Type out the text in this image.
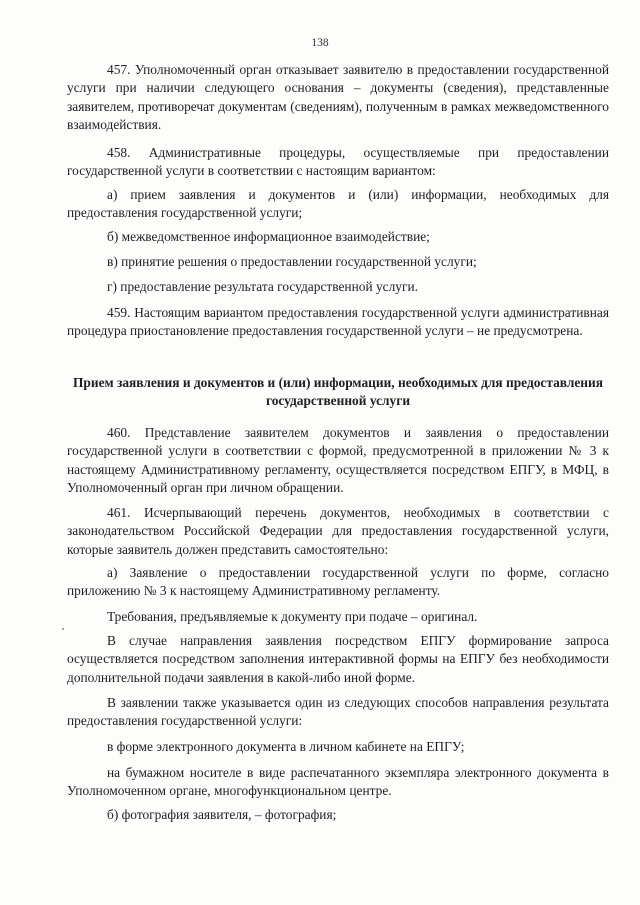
138

457. Уполномоченный орган отказывает заявителю в предоставлении государственной услуги при наличии следующего основания – документы (сведения), представленные заявителем, противоречат документам (сведениям), полученным в рамках межведомственного взаимодействия.

458. Административные процедуры, осуществляемые при предоставлении государственной услуги в соответствии с настоящим вариантом:

а) прием заявления и документов и (или) информации, необходимых для предоставления государственной услуги;

б) межведомственное информационное взаимодействие;

в) принятие решения о предоставлении государственной услуги;

г) предоставление результата государственной услуги.

459. Настоящим вариантом предоставления государственной услуги административная процедура приостановление предоставления государственной услуги – не предусмотрена.

Прием заявления и документов и (или) информации, необходимых для предоставления государственной услуги

460. Представление заявителем документов и заявления о предоставлении государственной услуги в соответствии с формой, предусмотренной в приложении № 3 к настоящему Административному регламенту, осуществляется посредством ЕПГУ, в МФЦ, в Уполномоченный орган при личном обращении.

461. Исчерпывающий перечень документов, необходимых в соответствии с законодательством Российской Федерации для предоставления государственной услуги, которые заявитель должен представить самостоятельно:

а) Заявление о предоставлении государственной услуги по форме, согласно приложению № 3 к настоящему Административному регламенту.

Требования, предъявляемые к документу при подаче – оригинал.

В случае направления заявления посредством ЕПГУ формирование запроса осуществляется посредством заполнения интерактивной формы на ЕПГУ без необходимости дополнительной подачи заявления в какой-либо иной форме.

В заявлении также указывается один из следующих способов направления результата предоставления государственной услуги:

в форме электронного документа в личном кабинете на ЕПГУ;

на бумажном носителе в виде распечатанного экземпляра электронного документа в Уполномоченном органе, многофункциональном центре.

б) фотография заявителя, – фотография;
